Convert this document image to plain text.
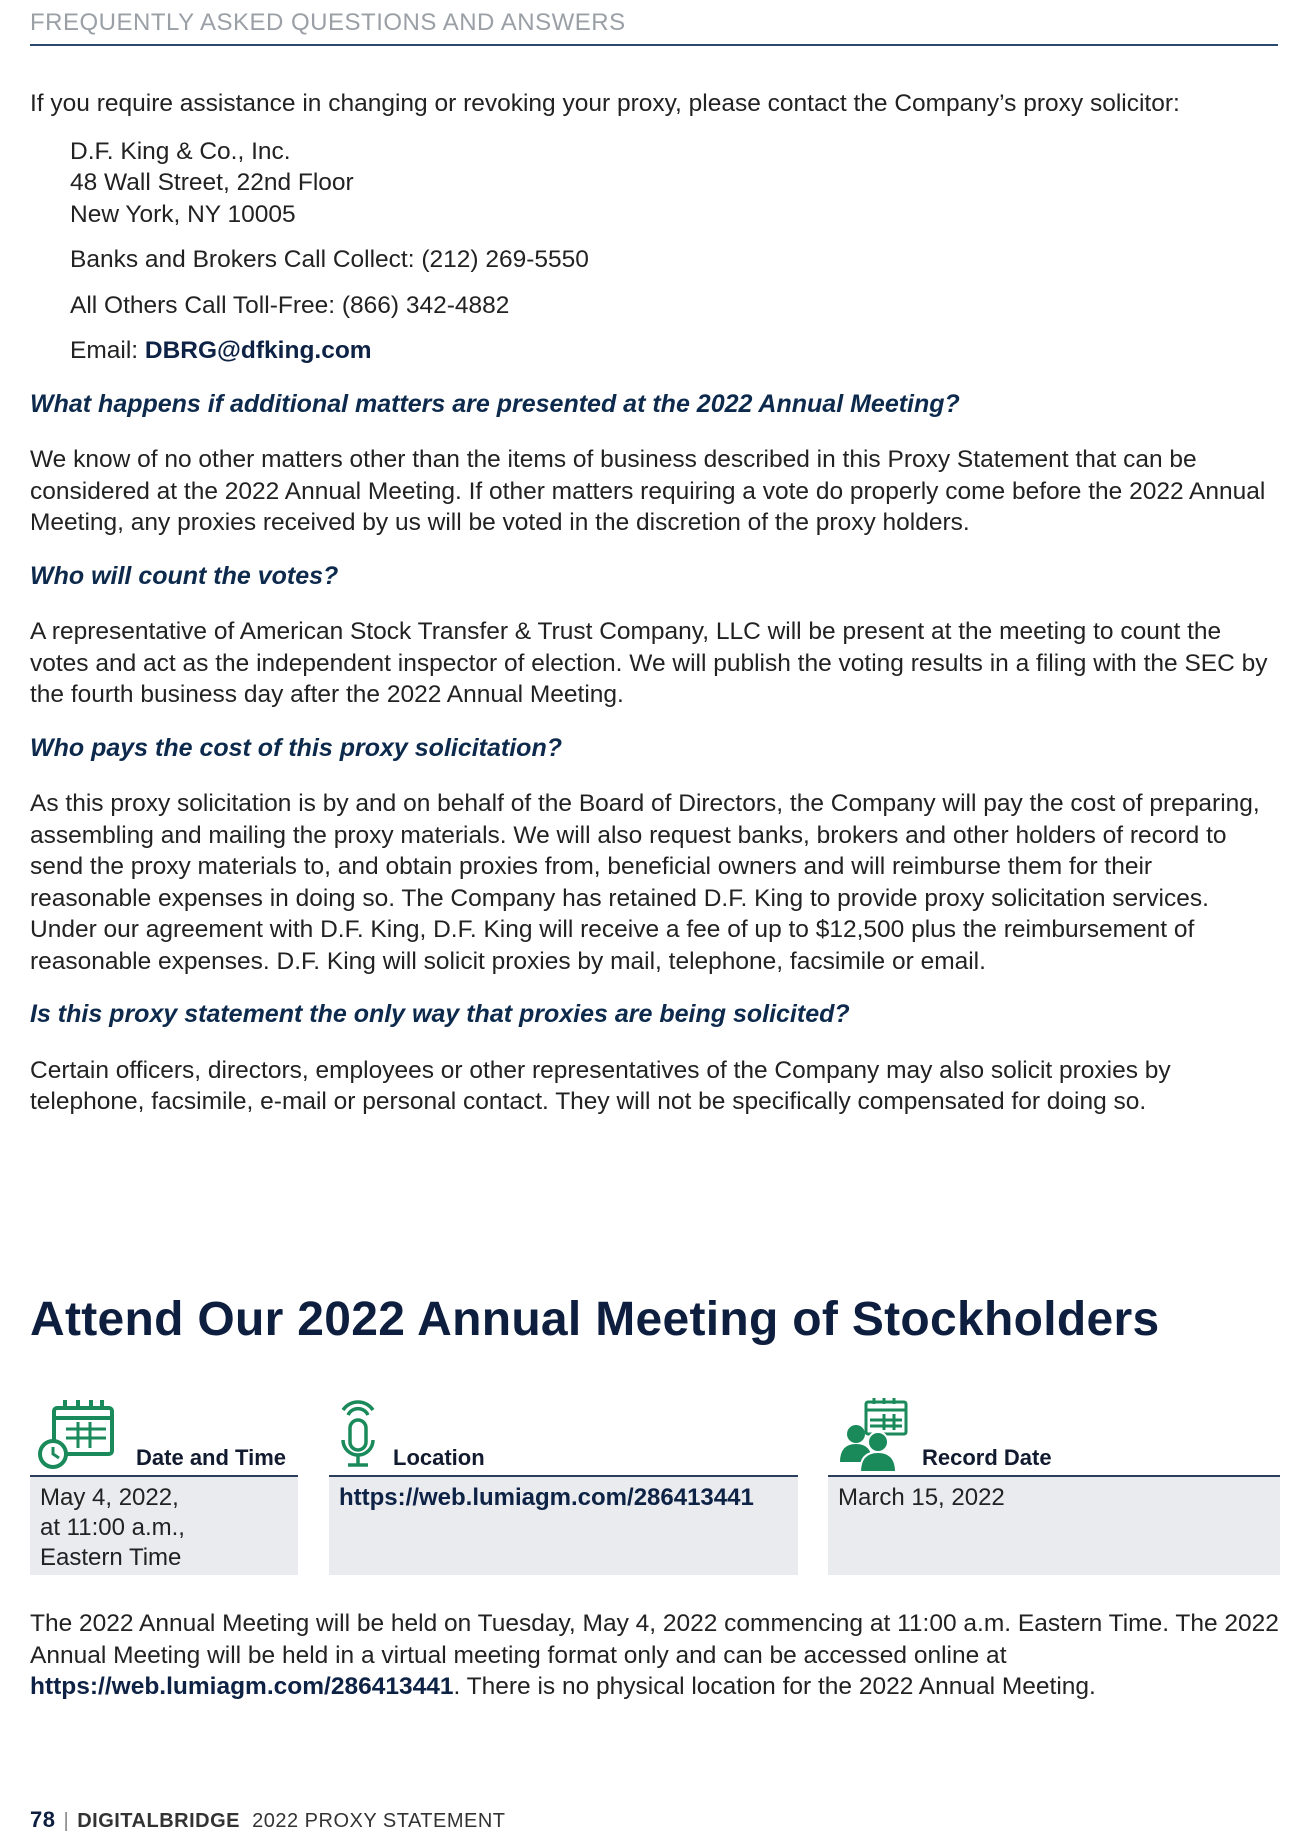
FREQUENTLY ASKED QUESTIONS AND ANSWERS

If you require assistance in changing or revoking your proxy, please contact the Company’s proxy solicitor:

D.F. King & Co., Inc.
48 Wall Street, 22nd Floor
New York, NY 10005

Banks and Brokers Call Collect: (212) 269-5550

All Others Call Toll-Free: (866) 342-4882

Email: DBRG@dfking.com

What happens if additional matters are presented at the 2022 Annual Meeting?

We know of no other matters other than the items of business described in this Proxy Statement that can be considered at the 2022 Annual Meeting. If other matters requiring a vote do properly come before the 2022 Annual Meeting, any proxies received by us will be voted in the discretion of the proxy holders.

Who will count the votes?

A representative of American Stock Transfer & Trust Company, LLC will be present at the meeting to count the votes and act as the independent inspector of election. We will publish the voting results in a filing with the SEC by the fourth business day after the 2022 Annual Meeting.

Who pays the cost of this proxy solicitation?

As this proxy solicitation is by and on behalf of the Board of Directors, the Company will pay the cost of preparing, assembling and mailing the proxy materials. We will also request banks, brokers and other holders of record to send the proxy materials to, and obtain proxies from, beneficial owners and will reimburse them for their reasonable expenses in doing so. The Company has retained D.F. King to provide proxy solicitation services. Under our agreement with D.F. King, D.F. King will receive a fee of up to $12,500 plus the reimbursement of reasonable expenses. D.F. King will solicit proxies by mail, telephone, facsimile or email.

Is this proxy statement the only way that proxies are being solicited?

Certain officers, directors, employees or other representatives of the Company may also solicit proxies by telephone, facsimile, e-mail or personal contact. They will not be specifically compensated for doing so.

Attend Our 2022 Annual Meeting of Stockholders
Date and Time
May 4, 2022,
at 11:00 a.m.,
Eastern Time
Location
https://web.lumiagm.com/286413441
Record Date
March 15, 2022

The 2022 Annual Meeting will be held on Tuesday, May 4, 2022 commencing at 11:00 a.m. Eastern Time. The 2022 Annual Meeting will be held in a virtual meeting format only and can be accessed online at https://web.lumiagm.com/286413441. There is no physical location for the 2022 Annual Meeting.

78 | DIGITALBRIDGE 2022 PROXY STATEMENT
